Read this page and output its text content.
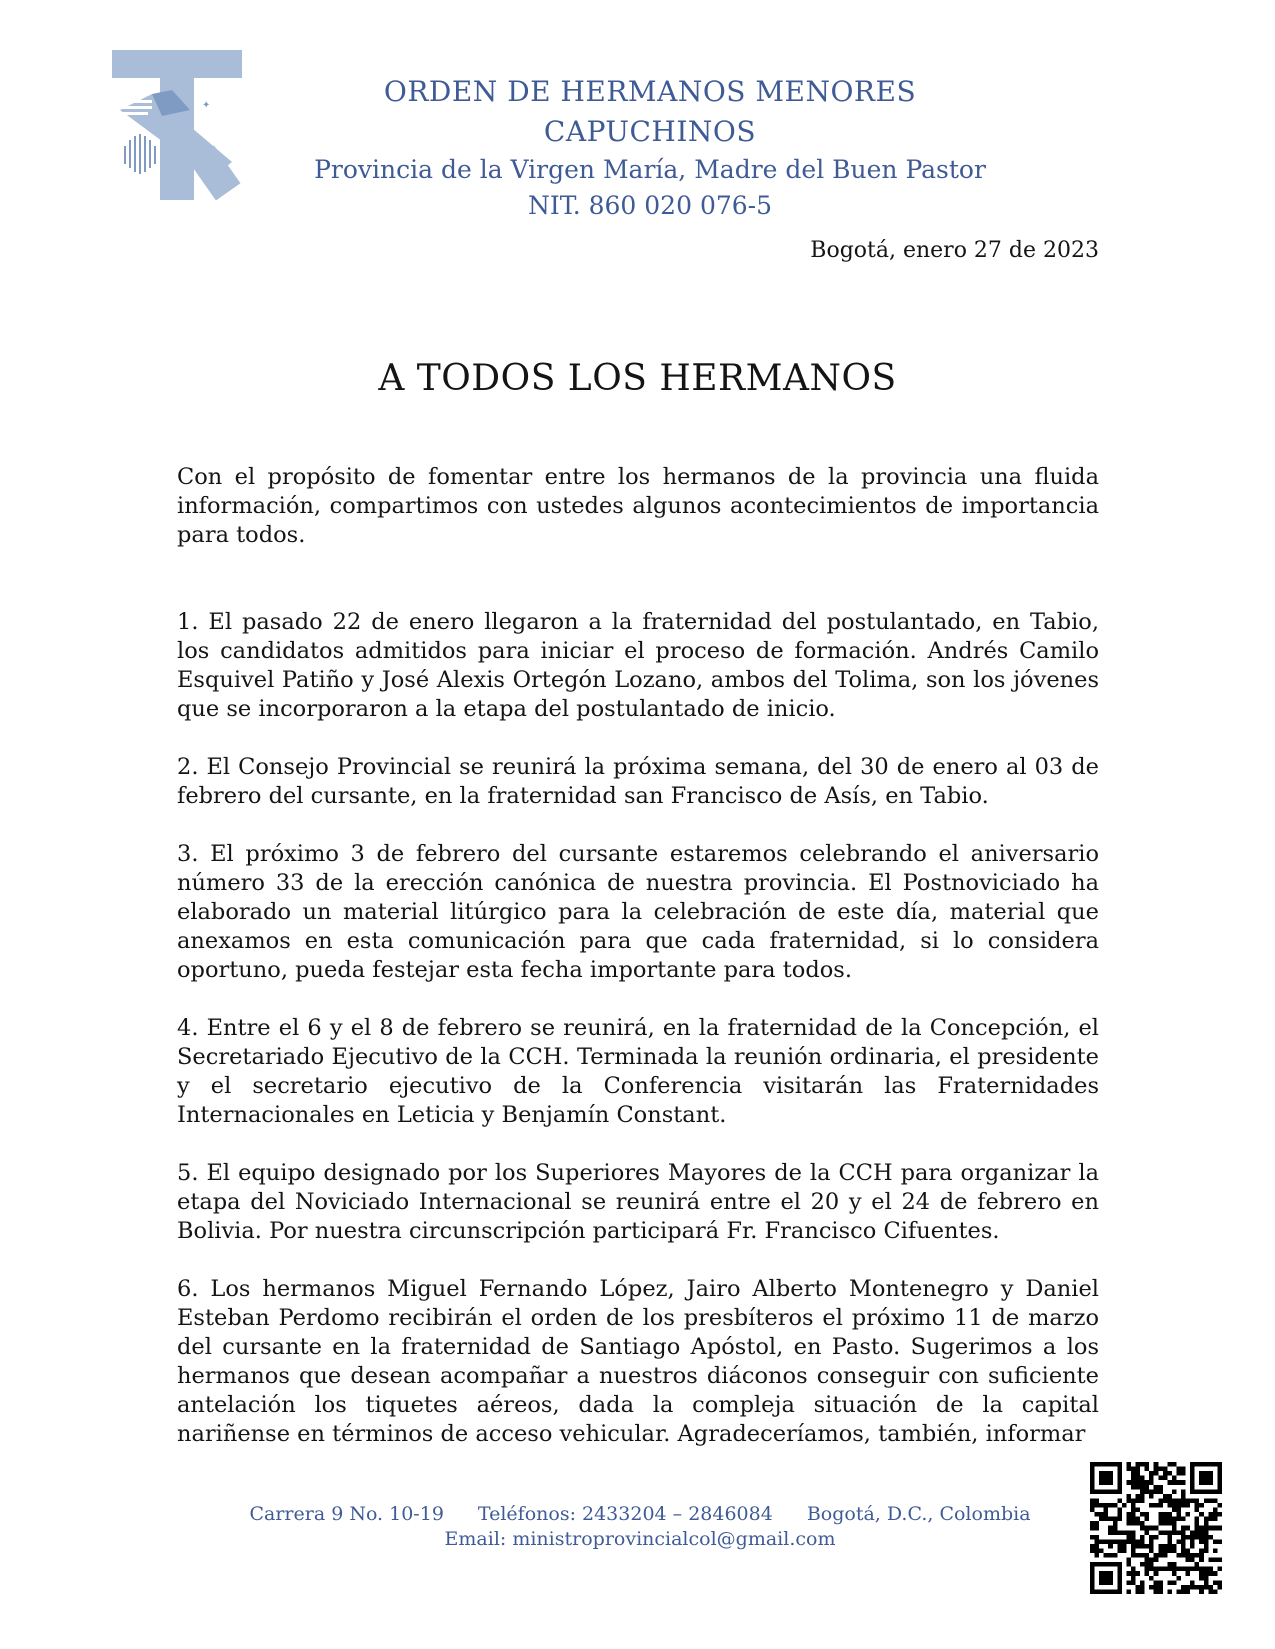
✦	ORDEN DE HERMANOS MENORES CAPUCHINOS
Provincia de la Virgen María, Madre del Buen Pastor
NIT. 860 020 076-5
Bogotá, enero 27 de 2023
A TODOS LOS HERMANOS

Con el propósito de fomentar entre los hermanos de la provincia una fluida información, compartimos con ustedes algunos acontecimientos de importancia para todos.

1. El pasado 22 de enero llegaron a la fraternidad del postulantado, en Tabio, los candidatos admitidos para iniciar el proceso de formación. Andrés Camilo Esquivel Patiño y José Alexis Ortegón Lozano, ambos del Tolima, son los jóvenes que se incorporaron a la etapa del postulantado de inicio.

2. El Consejo Provincial se reunirá la próxima semana, del 30 de enero al 03 de febrero del cursante, en la fraternidad san Francisco de Asís, en Tabio.

3. El próximo 3 de febrero del cursante estaremos celebrando el aniversario número 33 de la erección canónica de nuestra provincia. El Postnoviciado ha elaborado un material litúrgico para la celebración de este día, material que anexamos en esta comunicación para que cada fraternidad, si lo considera oportuno, pueda festejar esta fecha importante para todos.

4. Entre el 6 y el 8 de febrero se reunirá, en la fraternidad de la Concepción, el Secretariado Ejecutivo de la CCH. Terminada la reunión ordinaria, el presidente y el secretario ejecutivo de la Conferencia visitarán las Fraternidades Internacionales en Leticia y Benjamín Constant.

5. El equipo designado por los Superiores Mayores de la CCH para organizar la etapa del Noviciado Internacional se reunirá entre el 20 y el 24 de febrero en Bolivia. Por nuestra circunscripción participará Fr. Francisco Cifuentes.

6. Los hermanos Miguel Fernando López, Jairo Alberto Montenegro y Daniel Esteban Perdomo recibirán el orden de los presbíteros el próximo 11 de marzo del cursante en la fraternidad de Santiago Apóstol, en Pasto. Sugerimos a los hermanos que desean acompañar a nuestros diáconos conseguir con suficiente antelación los tiquetes aéreos, dada la compleja situación de la capital nariñense en términos de acceso vehicular. Agradeceríamos, también, informar

Carrera 9 No. 10-19 Teléfonos: 2433204 – 2846084 Bogotá, D.C., Colombia
Email: ministroprovincialcol@gmail.com
